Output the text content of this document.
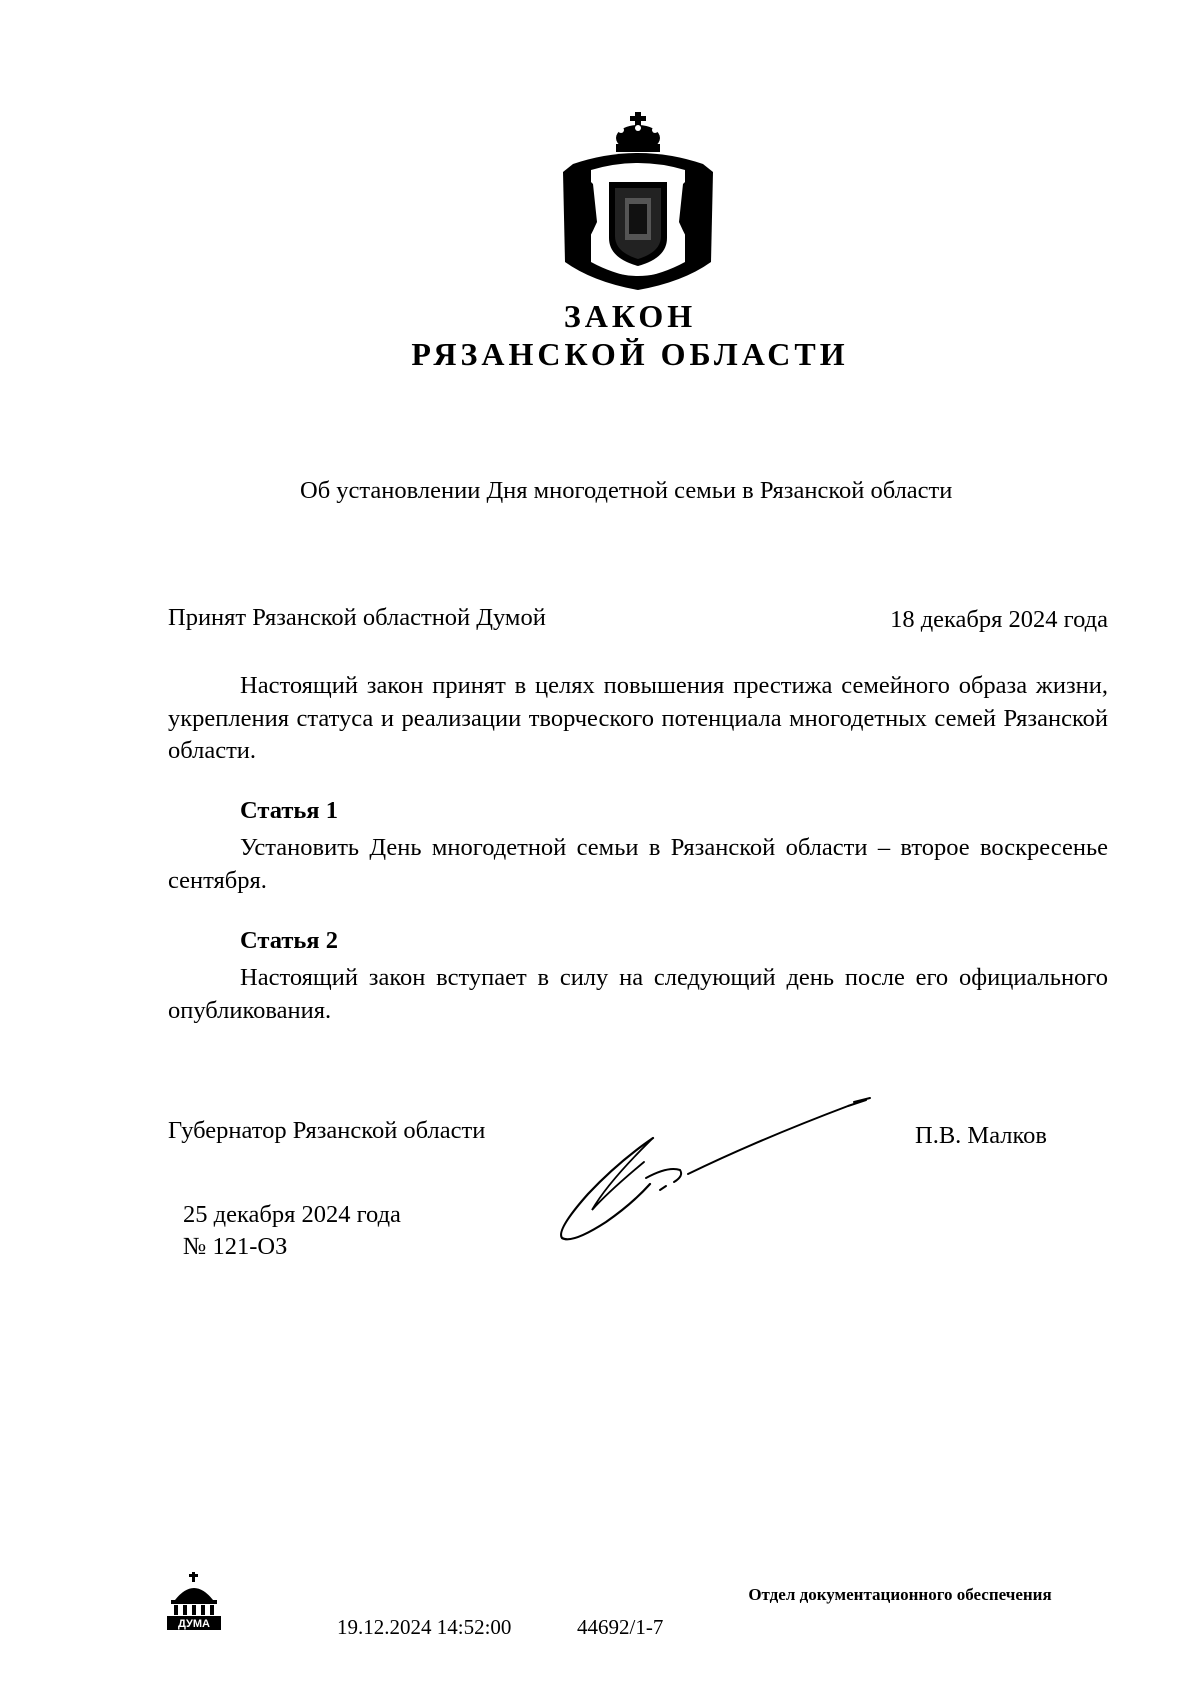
ЗАКОН
РЯЗАНСКОЙ ОБЛАСТИ
Об установлении Дня многодетной семьи в Рязанской области
Принят Рязанской областной Думой	18 декабря 2024 года

Настоящий закон принят в целях повышения престижа семейного образа жизни, укрепления статуса и реализации творческого потенциала многодетных семей Рязанской области.

Статья 1

Установить День многодетной семьи в Рязанской области – второе воскресенье сентября.

Статья 2

Настоящий закон вступает в силу на следующий день после его официального опубликования.

Губернатор Рязанской области	П.В. Малков
25 декабря 2024 года
№ 121-ОЗ
ДУМА	19.12.2024 14:52:00	44692/1-7
Отдел документационного обеспечения
